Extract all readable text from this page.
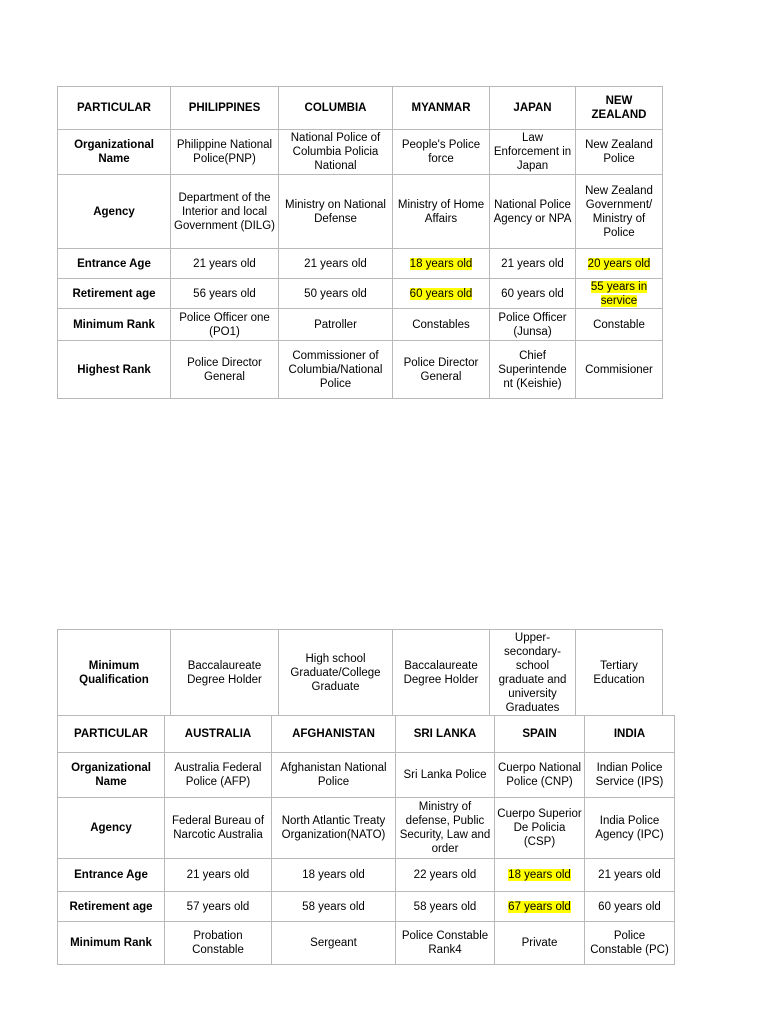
PARTICULAR	PHILIPPINES	COLUMBIA	MYANMAR	JAPAN	NEW ZEALAND
Organizational Name	Philippine National Police(PNP)	National Police of Columbia Policia National	People's Police force	Law Enforcement in Japan	New Zealand Police
Agency	Department of the Interior and local Government (DILG)	Ministry on National Defense	Ministry of Home Affairs	National Police Agency or NPA	New Zealand Government/ Ministry of Police
Entrance Age	21 years old	21 years old	18 years old	21 years old	20 years old
Retirement age	56 years old	50 years old	60 years old	60 years old	55 years in service
Minimum Rank	Police Officer one (PO1)	Patroller	Constables	Police Officer (Junsa)	Constable
Highest Rank	Police Director General	Commissioner of Columbia/National Police	Police Director General	Chief Superintende nt (Keishie)	Commisioner
Minimum Qualification	Baccalaureate Degree Holder	High school Graduate/College Graduate	Baccalaureate Degree Holder	Upper-secondary-school graduate and university Graduates	Tertiary Education
PARTICULAR	AUSTRALIA	AFGHANISTAN	SRI LANKA	SPAIN	INDIA
Organizational Name	Australia Federal Police (AFP)	Afghanistan National Police	Sri Lanka Police	Cuerpo National Police (CNP)	Indian Police Service (IPS)
Agency	Federal Bureau of Narcotic Australia	North Atlantic Treaty Organization(NATO)	Ministry of defense, Public Security, Law and order	Cuerpo Superior De Policia (CSP)	India Police Agency (IPC)
Entrance Age	21 years old	18 years old	22 years old	18 years old	21 years old
Retirement age	57 years old	58 years old	58 years old	67 years old	60 years old
Minimum Rank	Probation Constable	Sergeant	Police Constable Rank4	Private	Police Constable (PC)
